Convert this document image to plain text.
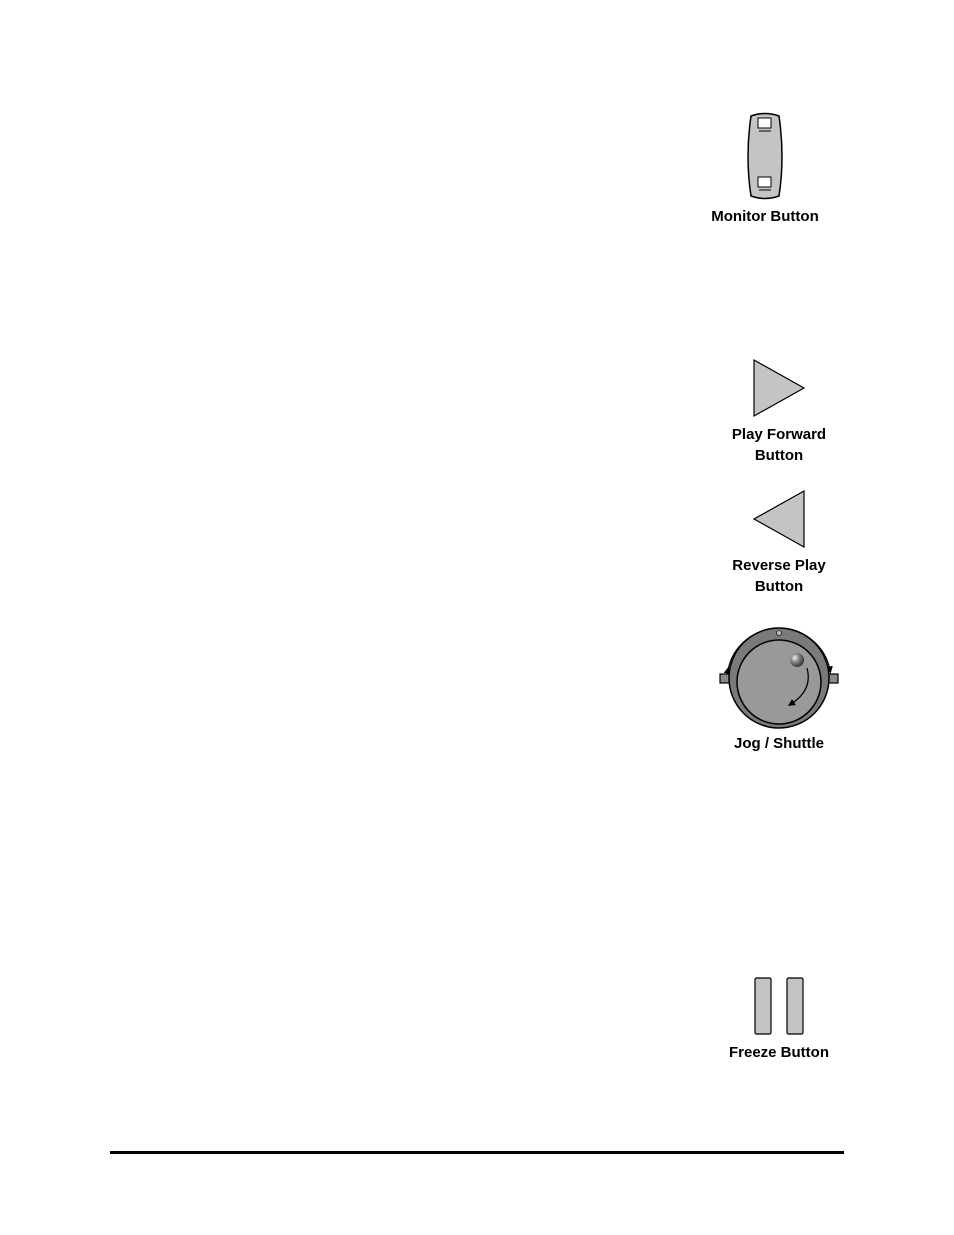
Monitor Button
Play Forward
Button
Reverse Play
Button
Jog / Shuttle
Freeze Button
